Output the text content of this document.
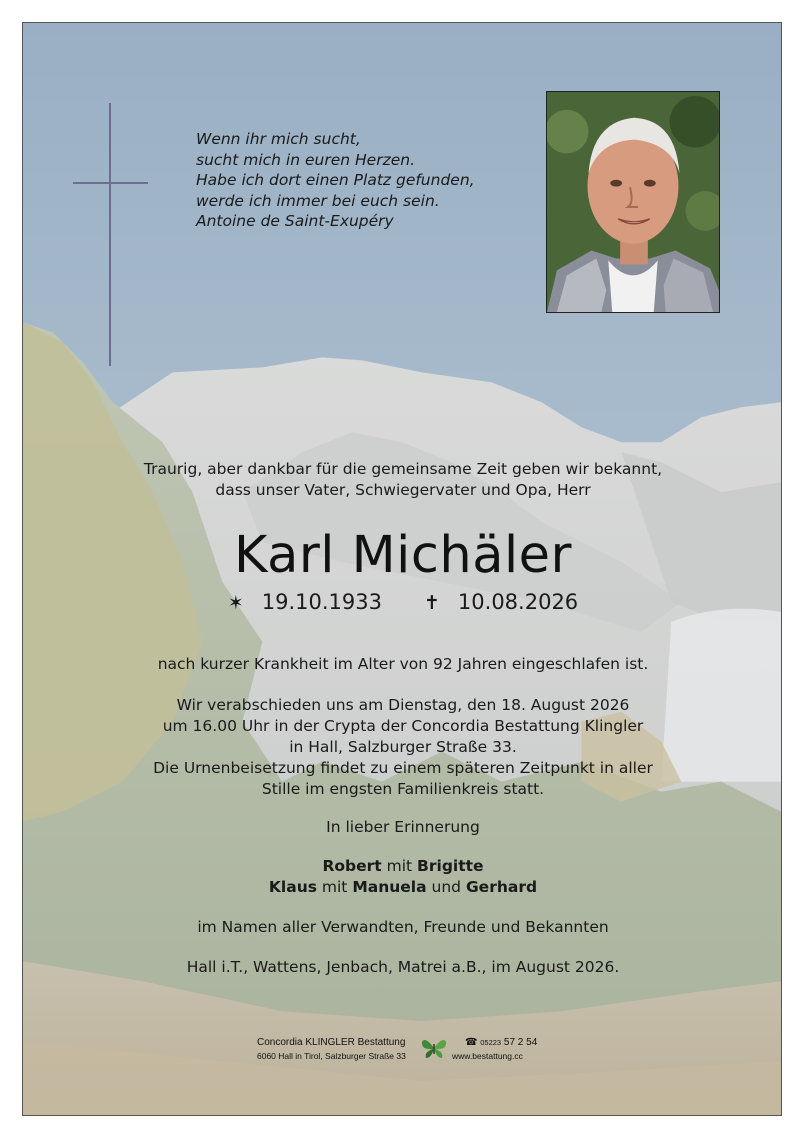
Wenn ihr mich sucht,
sucht mich in euren Herzen.
Habe ich dort einen Platz gefunden,
werde ich immer bei euch sein.
Antoine de Saint-Exupéry
Traurig, aber dankbar für die gemeinsame Zeit geben wir bekannt,
dass unser Vater, Schwiegervater und Opa, Herr
Karl Michäler
✶ 19.10.1933 ✝ 10.08.2026
nach kurzer Krankheit im Alter von 92 Jahren eingeschlafen ist.
Wir verabschieden uns am Dienstag, den 18. August 2026
um 16.00 Uhr in der Crypta der Concordia Bestattung Klingler
in Hall, Salzburger Straße 33.
Die Urnenbeisetzung findet zu einem späteren Zeitpunkt in aller
Stille im engsten Familienkreis statt.
In lieber Erinnerung
Robert mit Brigitte
Klaus mit Manuela und Gerhard
im Namen aller Verwandten, Freunde und Bekannten
Hall i.T., Wattens, Jenbach, Matrei a.B., im August 2026.
Concordia KLINGLER Bestattung
6060 Hall in Tirol, Salzburger Straße 33
☎ 05223 57 2 54
www.bestattung.cc
